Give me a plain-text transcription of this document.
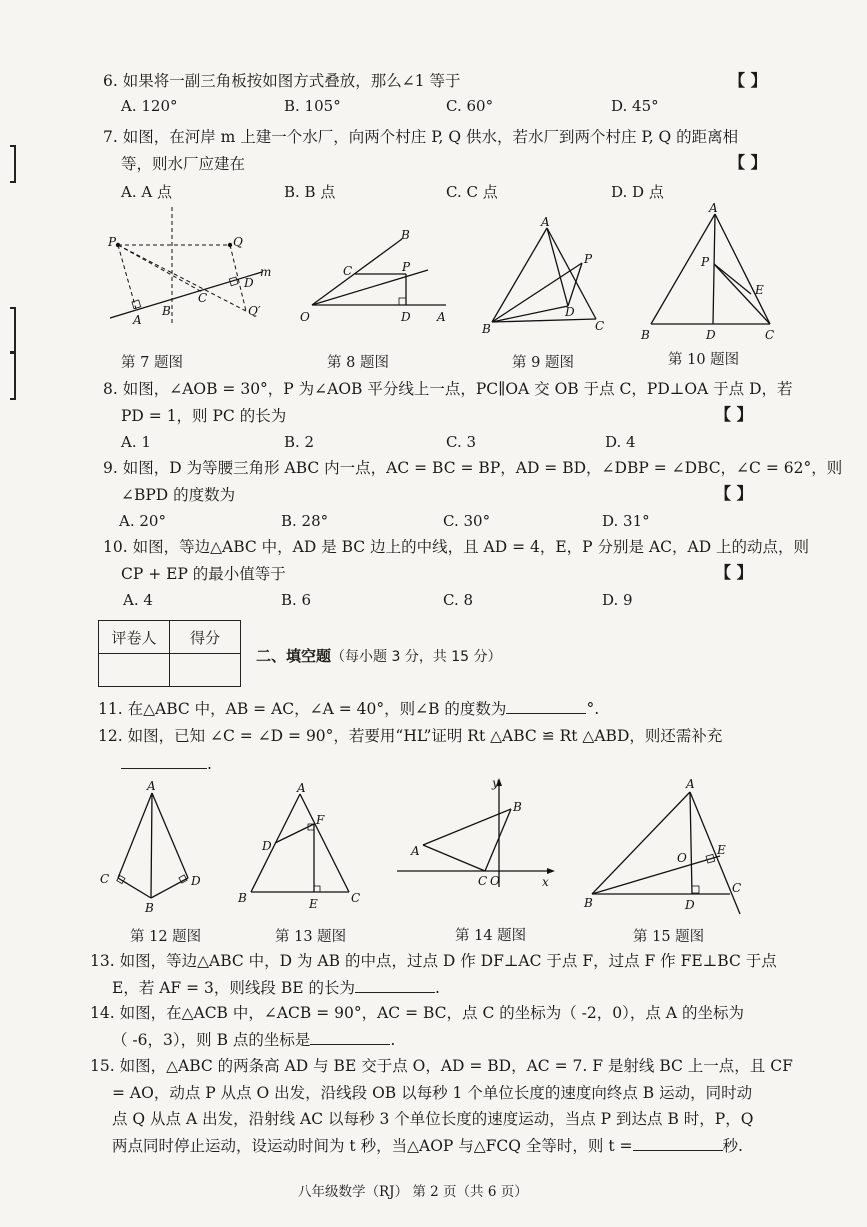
6. 如果将一副三角板按如图方式叠放，那么∠1 等于	【 】
A. 120°	B. 105°	C. 60°	D. 45°
7. 如图，在河岸 m 上建一个水厂，向两个村庄 P, Q 供水，若水厂到两个村庄 P, Q 的距离相
等，则水厂应建在	【 】
A. A 点	B. B 点	C. C 点	D. D 点
P	Q
m
D
C
A
B	Q′
第 7 题图
B
C	P
O	D A
第 8 题图
A
P
D
B	C
第 9 题图
A
P
E
B	D	C
第 10 题图
8. 如图，∠AOB = 30°，P 为∠AOB 平分线上一点，PC∥OA 交 OB 于点 C，PD⊥OA 于点 D，若
PD = 1，则 PC 的长为	【 】
A. 1	B. 2	C. 3	D. 4
9. 如图，D 为等腰三角形 ABC 内一点，AC = BC = BP，AD = BD，∠DBP = ∠DBC，∠C = 62°，则
∠BPD 的度数为	【 】
A. 20°	B. 28°	C. 30°	D. 31°
10. 如图，等边△ABC 中，AD 是 BC 边上的中线，且 AD = 4，E，P 分别是 AC，AD 上的动点，则
CP + EP 的最小值等于	【 】
A. 4	B. 6	C. 8	D. 9
评卷人	得分

二、填空题（每小题 3 分，共 15 分）
11. 在△ABC 中，AB = AC，∠A = 40°，则∠B 的度数为	°.
12. 如图，已知 ∠C = ∠D = 90°，若要用“HL”证明 Rt △ABC ≌ Rt △ABD，则还需补充
.
A
C	D
B
第 12 题图
A
F
D
B	E	C
第 13 题图
y
B
A
C O	x
第 14 题图
A
O
E
B	D
C
第 15 题图
13. 如图，等边△ABC 中，D 为 AB 的中点，过点 D 作 DF⊥AC 于点 F，过点 F 作 FE⊥BC 于点
E，若 AF = 3，则线段 BE 的长为	.
14. 如图，在△ACB 中，∠ACB = 90°，AC = BC，点 C 的坐标为（ -2，0），点 A 的坐标为
（ -6，3），则 B 点的坐标是	.
15. 如图，△ABC 的两条高 AD 与 BE 交于点 O，AD = BD，AC = 7. F 是射线 BC 上一点，且 CF
= AO，动点 P 从点 O 出发，沿线段 OB 以每秒 1 个单位长度的速度向终点 B 运动，同时动
点 Q 从点 A 出发，沿射线 AC 以每秒 3 个单位长度的速度运动，当点 P 到达点 B 时，P，Q
两点同时停止运动，设运动时间为 t 秒，当△AOP 与△FCQ 全等时，则 t =	秒.
八年级数学（RJ） 第 2 页（共 6 页）
